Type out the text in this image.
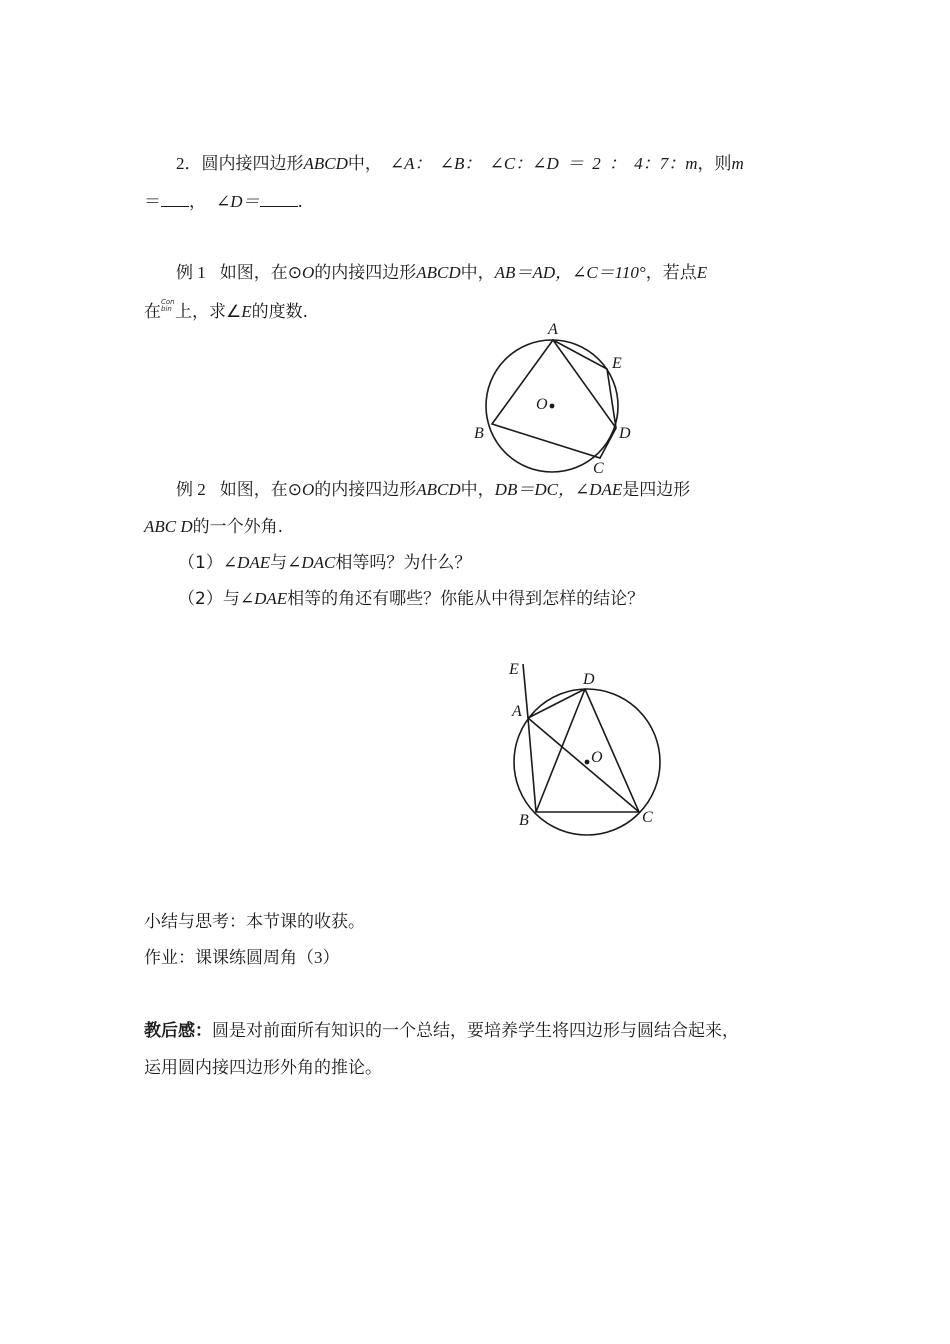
2．圆内接四边形ABCD中， ∠A： ∠B： ∠C：∠D ＝ 2 ： 4：7：m，则m
＝ ， ∠D＝ .
例 1 如图，在⊙O的内接四边形ABCD中，AB＝AD，∠C＝110°，若点E
在Con bin 上，求∠E的度数.
A
E
O
B	D
C
例 2 如图，在⊙O的内接四边形ABCD中，DB＝DC，∠DAE是四边形
ABC D的一个外角.
（1）∠DAE与∠DAC相等吗？为什么？
（2）与∠DAE相等的角还有哪些？你能从中得到怎样的结论？
E
D
A
O
B	C
小结与思考：本节课的收获。
作业：课课练圆周角（3）
教后感：圆是对前面所有知识的一个总结，要培养学生将四边形与圆结合起来，
运用圆内接四边形外角的推论。
